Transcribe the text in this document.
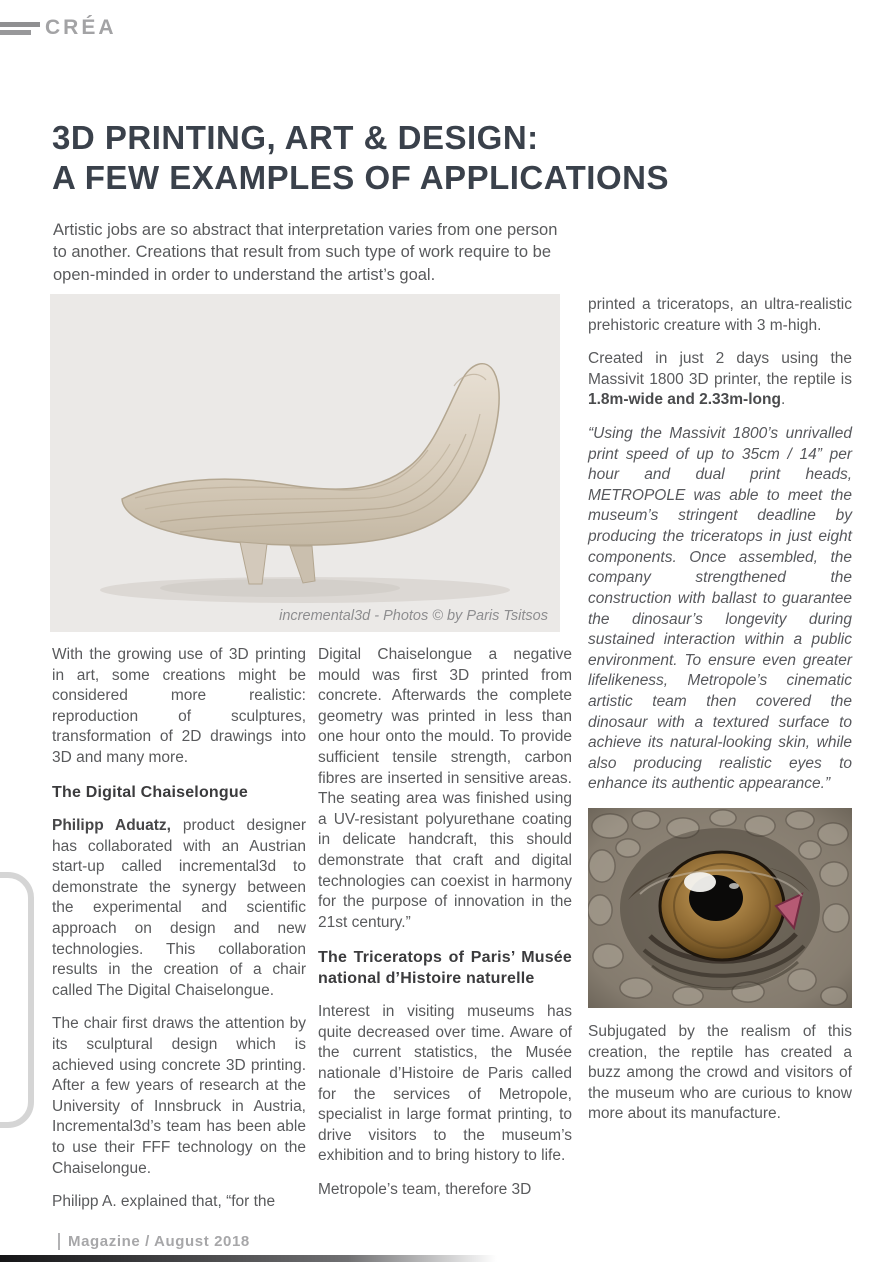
CRÉA
3D PRINTING, ART & DESIGN:
A FEW EXAMPLES OF APPLICATIONS
Artistic jobs are so abstract that interpretation varies from one person to another. Creations that result from such type of work require to be open-minded in order to understand the artist’s goal.
incremental3d - Photos © by Paris Tsitsos

With the growing use of 3D printing in art, some creations might be considered more realistic: reproduction of sculptures, transformation of 2D drawings into 3D and many more.

The Digital Chaiselongue

Philipp Aduatz, product designer has collaborated with an Austrian start-up called incremental3d to demonstrate the synergy between the experimental and scientific approach on design and new technologies. This collaboration results in the creation of a chair called The Digital Chaiselongue.

The chair first draws the attention by its sculptural design which is achieved using concrete 3D printing. After a few years of research at the University of Innsbruck in Austria, Incremental3d’s team has been able to use their FFF technology on the Chaiselongue.

Philipp A. explained that, “for the

Digital Chaiselongue a negative mould was first 3D printed from concrete. Afterwards the complete geometry was printed in less than one hour onto the mould. To provide sufficient tensile strength, carbon fibres are inserted in sensitive areas. The seating area was finished using a UV-resistant polyurethane coating in delicate handcraft, this should demonstrate that craft and digital technologies can coexist in harmony for the purpose of innovation in the 21st century.”

The Triceratops of Paris’ Musée national d’Histoire naturelle

Interest in visiting museums has quite decreased over time. Aware of the current statistics, the Musée nationale d’Histoire de Paris called for the services of Metropole, specialist in large format printing, to drive visitors to the museum’s exhibition and to bring history to life.

Metropole’s team, therefore 3D

printed a triceratops, an ultra-realistic prehistoric creature with 3 m-high.

Created in just 2 days using the Massivit 1800 3D printer, the reptile is 1.8m-wide and 2.33m-long.

“Using the Massivit 1800’s unrivalled print speed of up to 35cm / 14” per hour and dual print heads, METROPOLE was able to meet the museum’s stringent deadline by producing the triceratops in just eight components. Once assembled, the company strengthened the construction with ballast to guarantee the dinosaur’s longevity during sustained interaction within a public environment. To ensure even greater lifelikeness, Metropole’s cinematic artistic team then covered the dinosaur with a textured surface to achieve its natural-looking skin, while also producing realistic eyes to enhance its authentic appearance.”

Subjugated by the realism of this creation, the reptile has created a buzz among the crowd and visitors of the museum who are curious to know more about its manufacture.

Magazine / August 2018
